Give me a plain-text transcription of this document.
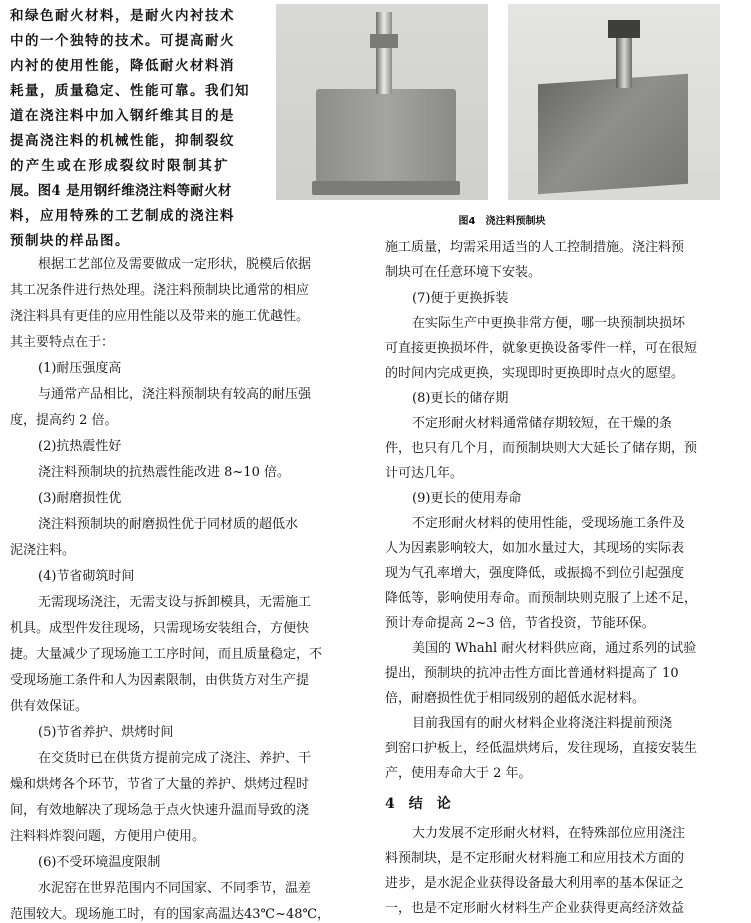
和绿色耐火材料，是耐火内衬技术
中的一个独特的技术。可提高耐火
内衬的使用性能，降低耐火材料消
耗量，质量稳定、性能可靠。我们知
道在浇注料中加入钢纤维其目的是
提高浇注料的机械性能，抑制裂纹
的产生或在形成裂纹时限制其扩
展。图4 是用钢纤维浇注料等耐火材
料，应用特殊的工艺制成的浇注料
预制块的样品图。
图4　浇注料预制块
根据工艺部位及需要做成一定形状，脱模后依据
其工况条件进行热处理。浇注料预制块比通常的相应
浇注料具有更佳的应用性能以及带来的施工优越性。
其主要特点在于：
(1)耐压强度高
与通常产品相比，浇注料预制块有较高的耐压强
度，提高约 2 倍。
(2)抗热震性好
浇注料预制块的抗热震性能改进 8~10 倍。
(3)耐磨损性优
浇注料预制块的耐磨损性优于同材质的超低水
泥浇注料。
(4)节省砌筑时间
无需现场浇注，无需支设与拆卸模具，无需施工
机具。成型件发往现场，只需现场安装组合，方便快
捷。大量减少了现场施工工序时间，而且质量稳定，不
受现场施工条件和人为因素限制，由供货方对生产提
供有效保证。
(5)节省养护、烘烤时间
在交货时已在供货方提前完成了浇注、养护、干
燥和烘烤各个环节，节省了大量的养护、烘烤过程时
间，有效地解决了现场急于点火快速升温而导致的浇
注料料炸裂问题，方便用户使用。
(6)不受环境温度限制
水泥窑在世界范围内不同国家、不同季节，温差
范围较大。现场施工时，有的国家高温达43℃~48℃，
施工质量，均需采用适当的人工控制措施。浇注料预
制块可在任意环境下安装。
(7)便于更换拆装
在实际生产中更换非常方便，哪一块预制块损坏
可直接更换损坏件，就象更换设备零件一样，可在很短
的时间内完成更换，实现即时更换即时点火的愿望。
(8)更长的储存期
不定形耐火材料通常储存期较短，在干燥的条
件，也只有几个月，而预制块则大大延长了储存期，预
计可达几年。
(9)更长的使用寿命
不定形耐火材料的使用性能，受现场施工条件及
人为因素影响较大，如加水量过大，其现场的实际表
现为气孔率增大，强度降低，或振捣不到位引起强度
降低等，影响使用寿命。而预制块则克服了上述不足，
预计寿命提高 2~3 倍，节省投资，节能环保。
美国的 Whahl 耐火材料供应商，通过系列的试验
提出，预制块的抗冲击性方面比普通材料提高了 10
倍，耐磨损性优于相同级别的超低水泥材料。
目前我国有的耐火材料企业将浇注料提前预浇
到窑口护板上，经低温烘烤后，发往现场，直接安装生
产，使用寿命大于 2 年。
4　结　论
大力发展不定形耐火材料，在特殊部位应用浇注
料预制块，是不定形耐火材料施工和应用技术方面的
进步，是水泥企业获得设备最大利用率的基本保证之
一，也是不定形耐火材料生产企业获得更高经济效益
